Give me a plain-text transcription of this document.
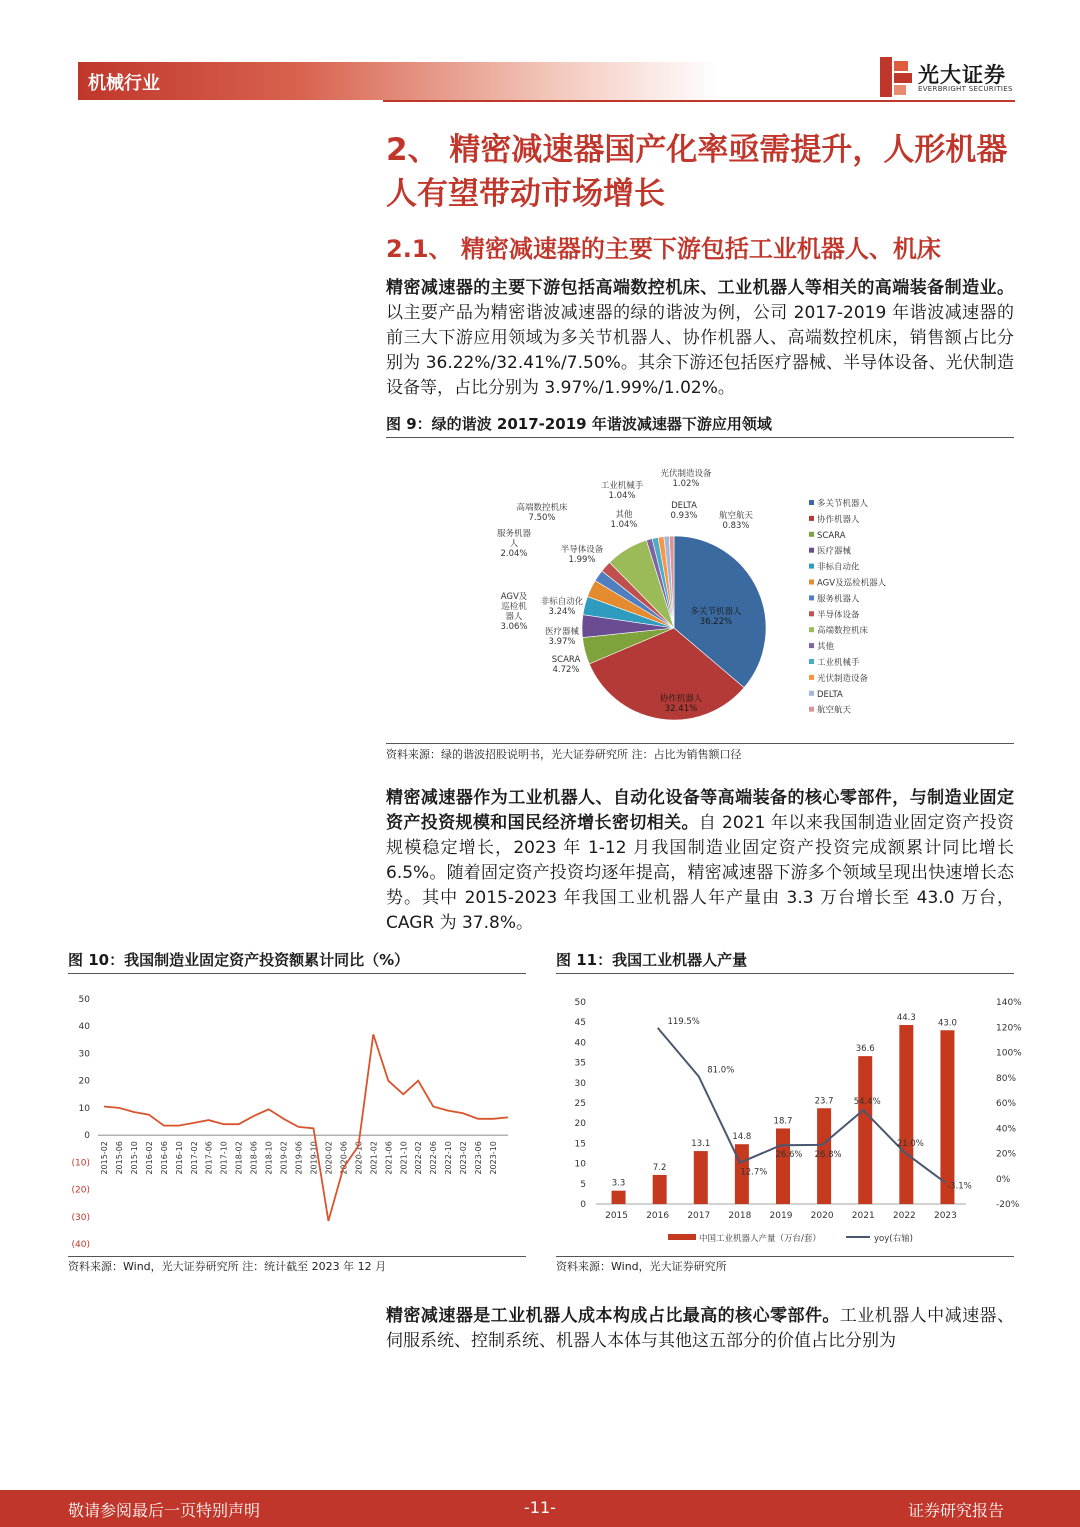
机械行业	光大证券
EVERBRIGHT SECURITIES
2、 精密减速器国产化率亟需提升，人形机器人有望带动市场增长
2.1、 精密减速器的主要下游包括工业机器人、机床

精密减速器的主要下游包括高端数控机床、工业机器人等相关的高端装备制造业。以主要产品为精密谐波减速器的绿的谐波为例，公司 2017-2019 年谐波减速器的前三大下游应用领域为多关节机器人、协作机器人、高端数控机床，销售额占比分别为 36.22%/32.41%/7.50%。其余下游还包括医疗器械、半导体设备、光伏制造设备等，占比分别为 3.97%/1.99%/1.02%。

图 9：绿的谐波 2017-2019 年谐波减速器下游应用领域
多关节机器人 36.22%
协作机器人 32.41%
SCARA 4.72%
医疗器械 3.97%
非标自动化 3.24%
AGV及巡检机器人 3.06%
服务机器人 2.04%	半导体设备 1.99%
高端数控机床 7.50%	其他 1.04%
工业机械手 1.04%
光伏制造设备 1.02%
DELTA 0.93%	航空航天 0.83%
多关节机器人
协作机器人
SCARA
医疗器械
非标自动化
AGV及巡检机器人
服务机器人
半导体设备
高端数控机床
其他
工业机械手
光伏制造设备
DELTA
航空航天
资料来源：绿的谐波招股说明书，光大证券研究所 注：占比为销售额口径

精密减速器作为工业机器人、自动化设备等高端装备的核心零部件，与制造业固定资产投资规模和国民经济增长密切相关。自 2021 年以来我国制造业固定资产投资规模稳定增长，2023 年 1-12 月我国制造业固定资产投资完成额累计同比增长 6.5%。随着固定资产投资均逐年提高，精密减速器下游多个领域呈现出快速增长态势。其中 2015-2023 年我国工业机器人年产量由 3.3 万台增长至 43.0 万台，CAGR 为 37.8%。

图 10：我国制造业固定资产投资额累计同比（%）
50
40
30
20
10
0
(10)
(20)
(30)
(40)
2015-02 2015-06 2015-10 2016-02 2016-06 2016-10 2017-02 2017-06 2017-10 2018-02 2018-06 2018-10 2019-02 2019-06 2019-10 2020-02 2020-06 2020-10 2021-02 2021-06 2021-10 2022-02 2022-06 2022-10 2023-02 2023-06 2023-10
资料来源：Wind，光大证券研究所 注：统计截至 2023 年 12 月
图 11：我国工业机器人产量
50
45
40
35
30
25
20
15
10
5
0
140%
120%
100%
80%
60%
40%
20%
0%
-20%
3.3
2015
7.2
2016
13.1
2017
14.8
2018
18.7
2019
23.7
2020
36.6
2021
44.3
2022
43.0
2023
119.5%
81.0%
12.7%
26.6% 26.8%
54.4%
21.0%
-3.1%
中国工业机器人产量（万台/套）	yoy(右轴)
资料来源：Wind，光大证券研究所

精密减速器是工业机器人成本构成占比最高的核心零部件。工业机器人中减速器、伺服系统、控制系统、机器人本体与其他这五部分的价值占比分别为

敬请参阅最后一页特别声明	-11-	证券研究报告
